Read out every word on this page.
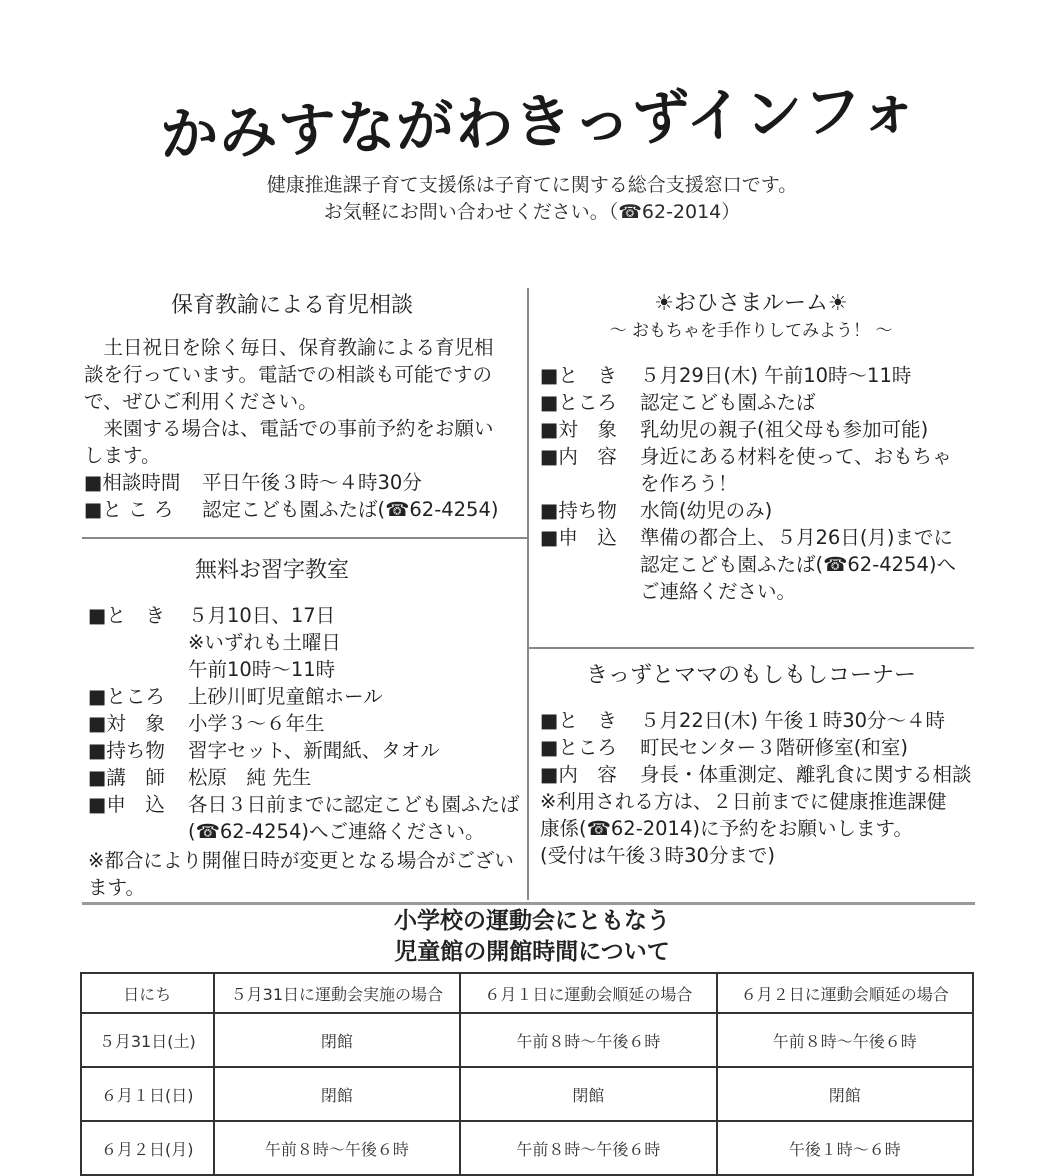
かみすながわきっずインフォ
健康推進課子育て支援係は子育てに関する総合支援窓口です。
お気軽にお問い合わせください。（☎62-2014）
保育教諭による育児相談
　土日祝日を除く毎日、保育教諭による育児相
談を行っています。電話での相談も可能ですの
で、ぜひご利用ください。
　来園する場合は、電話での事前予約をお願い
します。
■相談時間	平日午後３時～４時30分
■と こ ろ	認定こども園ふたば(☎62-4254)
無料お習字教室
■と　き	５月10日、17日
※いずれも土曜日
午前10時～11時
■ところ	上砂川町児童館ホール
■対　象	小学３～６年生
■持ち物	習字セット、新聞紙、タオル
■講　師	松原　純 先生
■申　込	各日３日前までに認定こども園ふたば
(☎62-4254)へご連絡ください。
※都合により開催日時が変更となる場合がござい
ます。
☀おひさまルーム☀
～ おもちゃを手作りしてみよう！ ～
■と　き	５月29日(木) 午前10時～11時
■ところ	認定こども園ふたば
■対　象	乳幼児の親子(祖父母も参加可能)
■内　容	身近にある材料を使って、おもちゃ
を作ろう！
■持ち物	水筒(幼児のみ)
■申　込	準備の都合上、５月26日(月)までに
認定こども園ふたば(☎62-4254)へ
ご連絡ください。
きっずとママのもしもしコーナー
■と　き	５月22日(木) 午後１時30分～４時
■ところ	町民センター３階研修室(和室)
■内　容	身長・体重測定、離乳食に関する相談
※利用される方は、２日前までに健康推進課健
康係(☎62-2014)に予約をお願いします。
(受付は午後３時30分まで)
小学校の運動会にともなう
児童館の開館時間について
日にち	５月31日に運動会実施の場合	６月１日に運動会順延の場合	６月２日に運動会順延の場合
５月31日(土)	閉館	午前８時～午後６時	午前８時～午後６時
６月１日(日)	閉館	閉館	閉館
６月２日(月)	午前８時～午後６時	午前８時～午後６時	午後１時～６時
